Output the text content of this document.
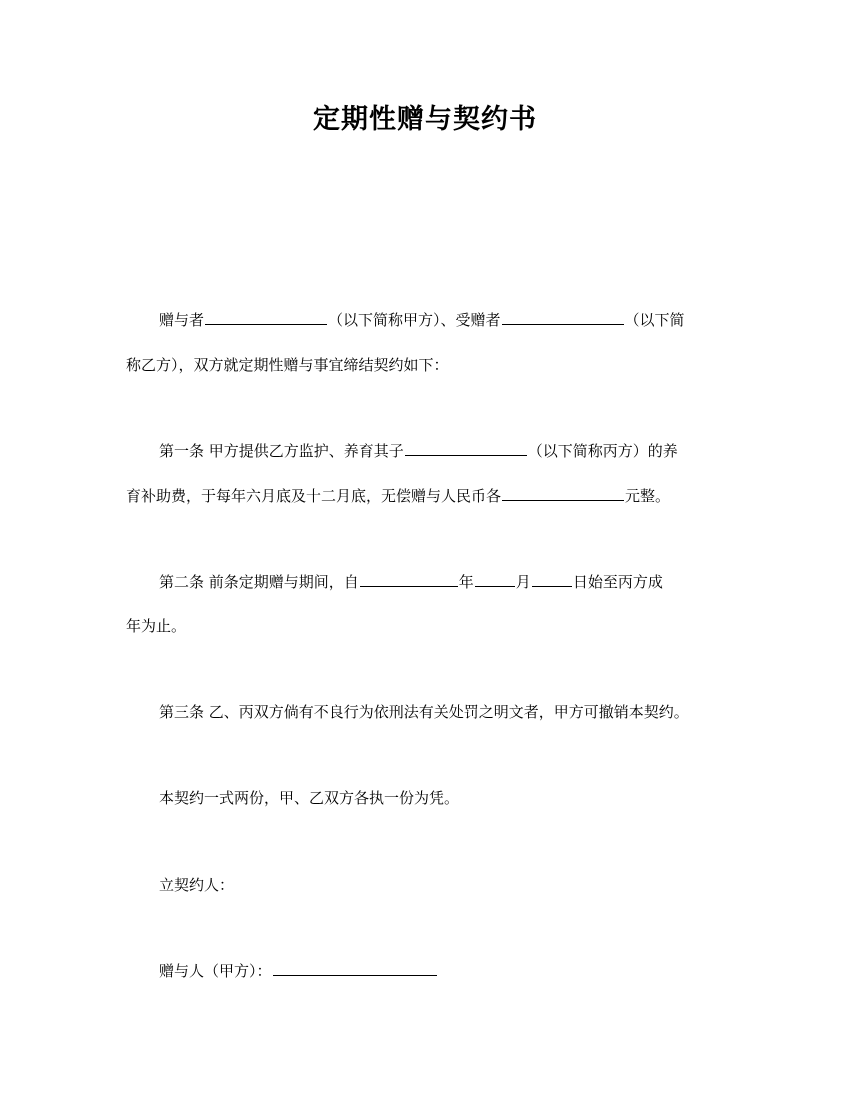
定期性赠与契约书
赠与者	（以下简称甲方）、受赠者	（以下简
称乙方），双方就定期性赠与事宜缔结契约如下：
第一条 甲方提供乙方监护、养育其子	（以下简称丙方）的养
育补助费，于每年六月底及十二月底，无偿赠与人民币各	元整。
第二条 前条定期赠与期间，自	年	月	日始至丙方成
年为止。
第三条 乙、丙双方倘有不良行为依刑法有关处罚之明文者，甲方可撤销本契约。
本契约一式两份，甲、乙双方各执一份为凭。
立契约人：
赠与人（甲方）：
